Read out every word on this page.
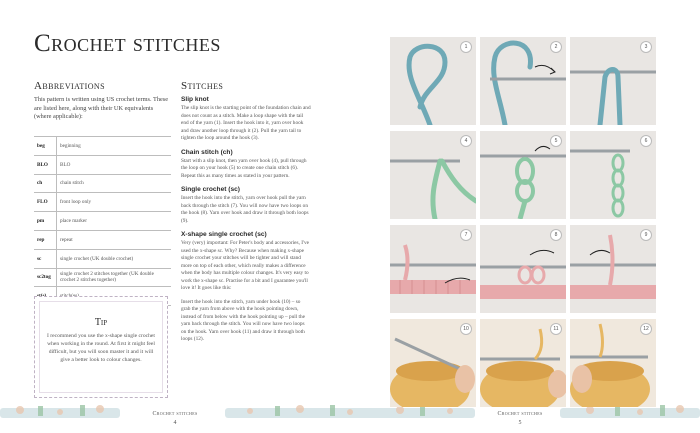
Crochet stitches
Abbreviations
This pattern is written using US crochet terms. These are listed here, along with their UK equivalents (where applicable):
beg	beginning
BLO	BLO
ch	chain stitch
FLO	front loop only
pm	place marker
rep	repeat
sc	single crochet (UK double crochet)
sc2tog	single crochet 2 stitches together (UK double crochet 2 stitches together)

Tip
I recommend you use the x-shape single crochet when working in the round. At first it might feel difficult, but you will soon master it and it will give a better look to colour changes.
Stitches
Slip knot
The slip knot is the starting point of the foundation chain and does not count as a stitch. Make a loop shape with the tail end of the yarn (1). Insert the hook into it, yarn over hook and draw another loop through it (2). Pull the yarn tail to tighten the loop around the hook (3).
Chain stitch (ch)
Start with a slip knot, then yarn over hook (4), pull through the loop on your hook (5) to create one chain stitch (6). Repeat this as many times as stated in your pattern.
Single crochet (sc)
Insert the hook into the stitch, yarn over hook pull the yarn back through the stitch (7). You will now have two loops on the hook (8). Yarn over hook and draw it through both loops (9).
X-shape single crochet (sc)
Very (very) important: For Peter's body and accessories, I've used the x-shape sc. Why? Because when making x-shape single crochet your stitches will be tighter and will stand more on top of each other, which really makes a difference when the body has multiple colour changes. It's very easy to work the x-shape sc. Practise for a bit and I guarantee you'll love it! It goes like this:
Insert the hook into the stitch, yarn under hook (10) – so grab the yarn from above with the hook pointing down, instead of from below with the hook pointing up – pull the yarn back through the stitch. You will now have two loops on the hook. Yarn over hook (11) and draw it through both loops (12).
Crochet stitches
4
Crochet stitches
5
1	2	3
4	5	6
7	8	9
10	11	12
